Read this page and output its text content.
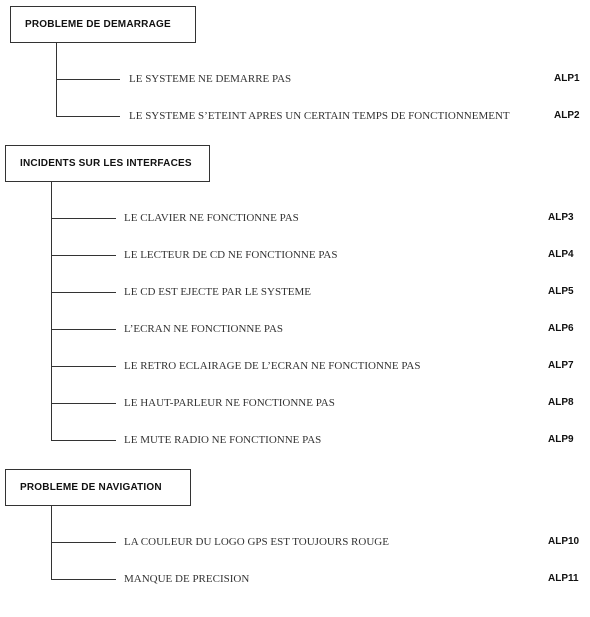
PROBLEME DE DEMARRAGE
LE SYSTEME NE DEMARRE PAS	ALP1
LE SYSTEME S’ETEINT APRES UN CERTAIN TEMPS DE FONCTIONNEMENT	ALP2
INCIDENTS SUR LES INTERFACES
LE CLAVIER NE FONCTIONNE PAS	ALP3
LE LECTEUR DE CD NE FONCTIONNE PAS	ALP4
LE CD EST EJECTE PAR LE SYSTEME	ALP5
L’ECRAN NE FONCTIONNE PAS	ALP6
LE RETRO ECLAIRAGE DE L’ECRAN NE FONCTIONNE PAS	ALP7
LE HAUT-PARLEUR NE FONCTIONNE PAS	ALP8
LE MUTE RADIO NE FONCTIONNE PAS	ALP9
PROBLEME DE NAVIGATION
LA COULEUR DU LOGO GPS EST TOUJOURS ROUGE	ALP10
MANQUE DE PRECISION	ALP11
